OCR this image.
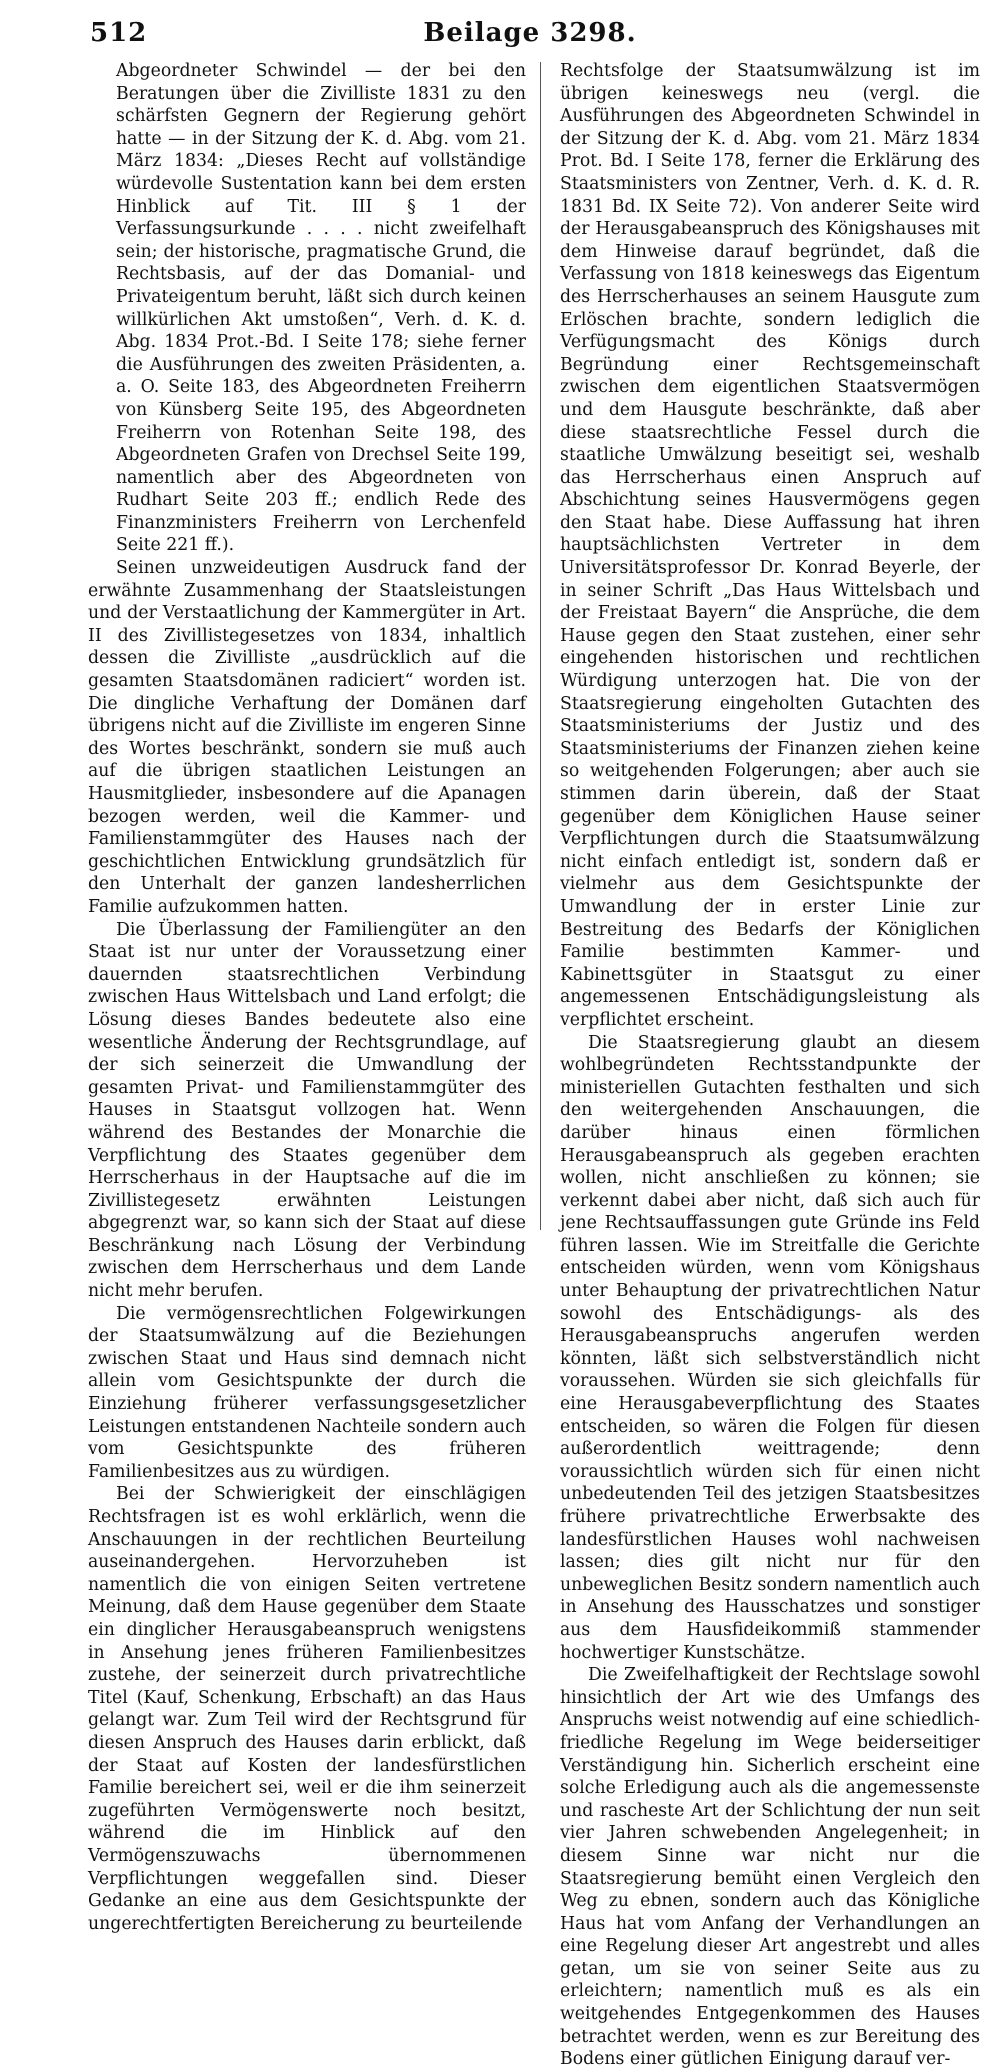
512	Beilage 3298.

Abgeordneter Schwindel — der bei den Beratungen über die Zivilliste 1831 zu den schärfsten Gegnern der Regierung gehört hatte — in der Sitzung der K. d. Abg. vom 21. März 1834: „Dieses Recht auf vollständige würdevolle Sustentation kann bei dem ersten Hinblick auf Tit. III § 1 der Verfassungsurkunde . . . . nicht zweifelhaft sein; der historische, pragmatische Grund, die Rechtsbasis, auf der das Domanial- und Privateigentum beruht, läßt sich durch keinen willkürlichen Akt umstoßen“, Verh. d. K. d. Abg. 1834 Prot.-Bd. I Seite 178; siehe ferner die Ausführungen des zweiten Präsidenten, a. a. O. Seite 183, des Abgeordneten Freiherrn von Künsberg Seite 195, des Abgeordneten Freiherrn von Rotenhan Seite 198, des Abgeordneten Grafen von Drechsel Seite 199, namentlich aber des Abgeordneten von Rudhart Seite 203 ff.; endlich Rede des Finanzministers Freiherrn von Lerchenfeld Seite 221 ff.).

Seinen unzweideutigen Ausdruck fand der erwähnte Zusammenhang der Staatsleistungen und der Verstaatlichung der Kammergüter in Art. II des Zivillistegesetzes von 1834, inhaltlich dessen die Zivilliste „ausdrücklich auf die gesamten Staatsdomänen radiciert“ worden ist. Die dingliche Verhaftung der Domänen darf übrigens nicht auf die Zivilliste im engeren Sinne des Wortes beschränkt, sondern sie muß auch auf die übrigen staatlichen Leistungen an Hausmitglieder, insbesondere auf die Apanagen bezogen werden, weil die Kammer- und Familienstammgüter des Hauses nach der geschichtlichen Entwicklung grundsätzlich für den Unterhalt der ganzen landesherrlichen Familie aufzukommen hatten.

Die Überlassung der Familiengüter an den Staat ist nur unter der Voraussetzung einer dauernden staatsrechtlichen Verbindung zwischen Haus Wittelsbach und Land erfolgt; die Lösung dieses Bandes bedeutete also eine wesentliche Änderung der Rechtsgrundlage, auf der sich seinerzeit die Umwandlung der gesamten Privat- und Familienstammgüter des Hauses in Staatsgut vollzogen hat. Wenn während des Bestandes der Monarchie die Verpflichtung des Staates gegenüber dem Herrscherhaus in der Hauptsache auf die im Zivillistegesetz erwähnten Leistungen abgegrenzt war, so kann sich der Staat auf diese Beschränkung nach Lösung der Verbindung zwischen dem Herrscherhaus und dem Lande nicht mehr berufen.

Die vermögensrechtlichen Folgewirkungen der Staatsumwälzung auf die Beziehungen zwischen Staat und Haus sind demnach nicht allein vom Gesichtspunkte der durch die Einziehung früherer verfassungsgesetzlicher Leistungen entstandenen Nachteile sondern auch vom Gesichtspunkte des früheren Familienbesitzes aus zu würdigen.

Bei der Schwierigkeit der einschlägigen Rechtsfragen ist es wohl erklärlich, wenn die Anschauungen in der rechtlichen Beurteilung auseinandergehen. Hervorzuheben ist namentlich die von einigen Seiten vertretene Meinung, daß dem Hause gegenüber dem Staate ein dinglicher Herausgabeanspruch wenigstens in Ansehung jenes früheren Familienbesitzes zustehe, der seinerzeit durch privatrechtliche Titel (Kauf, Schenkung, Erbschaft) an das Haus gelangt war. Zum Teil wird der Rechtsgrund für diesen Anspruch des Hauses darin erblickt, daß der Staat auf Kosten der landesfürstlichen Familie bereichert sei, weil er die ihm seinerzeit zugeführten Vermögenswerte noch besitzt, während die im Hinblick auf den Vermögenszuwachs übernommenen Verpflichtungen weggefallen sind. Dieser Gedanke an eine aus dem Gesichtspunkte der ungerechtfertigten Bereicherung zu beurteilende

Rechtsfolge der Staatsumwälzung ist im übrigen keineswegs neu (vergl. die Ausführungen des Abgeordneten Schwindel in der Sitzung der K. d. Abg. vom 21. März 1834 Prot. Bd. I Seite 178, ferner die Erklärung des Staatsministers von Zentner, Verh. d. K. d. R. 1831 Bd. IX Seite 72). Von anderer Seite wird der Herausgabeanspruch des Königshauses mit dem Hinweise darauf begründet, daß die Verfassung von 1818 keineswegs das Eigentum des Herrscherhauses an seinem Hausgute zum Erlöschen brachte, sondern lediglich die Verfügungsmacht des Königs durch Begründung einer Rechtsgemeinschaft zwischen dem eigentlichen Staatsvermögen und dem Hausgute beschränkte, daß aber diese staatsrechtliche Fessel durch die staatliche Umwälzung beseitigt sei, weshalb das Herrscherhaus einen Anspruch auf Abschichtung seines Hausvermögens gegen den Staat habe. Diese Auffassung hat ihren hauptsächlichsten Vertreter in dem Universitätsprofessor Dr. Konrad Beyerle, der in seiner Schrift „Das Haus Wittelsbach und der Freistaat Bayern“ die Ansprüche, die dem Hause gegen den Staat zustehen, einer sehr eingehenden historischen und rechtlichen Würdigung unterzogen hat. Die von der Staatsregierung eingeholten Gutachten des Staatsministeriums der Justiz und des Staatsministeriums der Finanzen ziehen keine so weitgehenden Folgerungen; aber auch sie stimmen darin überein, daß der Staat gegenüber dem Königlichen Hause seiner Verpflichtungen durch die Staatsumwälzung nicht einfach entledigt ist, sondern daß er vielmehr aus dem Gesichtspunkte der Umwandlung der in erster Linie zur Bestreitung des Bedarfs der Königlichen Familie bestimmten Kammer- und Kabinettsgüter in Staatsgut zu einer angemessenen Entschädigungsleistung als verpflichtet erscheint.

Die Staatsregierung glaubt an diesem wohlbegründeten Rechtsstandpunkte der ministeriellen Gutachten festhalten und sich den weitergehenden Anschauungen, die darüber hinaus einen förmlichen Herausgabeanspruch als gegeben erachten wollen, nicht anschließen zu können; sie verkennt dabei aber nicht, daß sich auch für jene Rechtsauffassungen gute Gründe ins Feld führen lassen. Wie im Streitfalle die Gerichte entscheiden würden, wenn vom Königshaus unter Behauptung der privatrechtlichen Natur sowohl des Entschädigungs- als des Herausgabeanspruchs angerufen werden könnten, läßt sich selbstverständlich nicht voraussehen. Würden sie sich gleichfalls für eine Herausgabeverpflichtung des Staates entscheiden, so wären die Folgen für diesen außerordentlich weittragende; denn voraussichtlich würden sich für einen nicht unbedeutenden Teil des jetzigen Staatsbesitzes frühere privatrechtliche Erwerbsakte des landesfürstlichen Hauses wohl nachweisen lassen; dies gilt nicht nur für den unbeweglichen Besitz sondern namentlich auch in Ansehung des Hausschatzes und sonstiger aus dem Hausfideikommiß stammender hochwertiger Kunstschätze.

Die Zweifelhaftigkeit der Rechtslage sowohl hinsichtlich der Art wie des Umfangs des Anspruchs weist notwendig auf eine schiedlich-friedliche Regelung im Wege beiderseitiger Verständigung hin. Sicherlich erscheint eine solche Erledigung auch als die angemessenste und rascheste Art der Schlichtung der nun seit vier Jahren schwebenden Angelegenheit; in diesem Sinne war nicht nur die Staatsregierung bemüht einen Vergleich den Weg zu ebnen, sondern auch das Königliche Haus hat vom Anfang der Verhandlungen an eine Regelung dieser Art angestrebt und alles getan, um sie von seiner Seite aus zu erleichtern; namentlich muß es als ein weitgehendes Entgegenkommen des Hauses betrachtet werden, wenn es zur Bereitung des Bodens einer gütlichen Einigung darauf ver-
